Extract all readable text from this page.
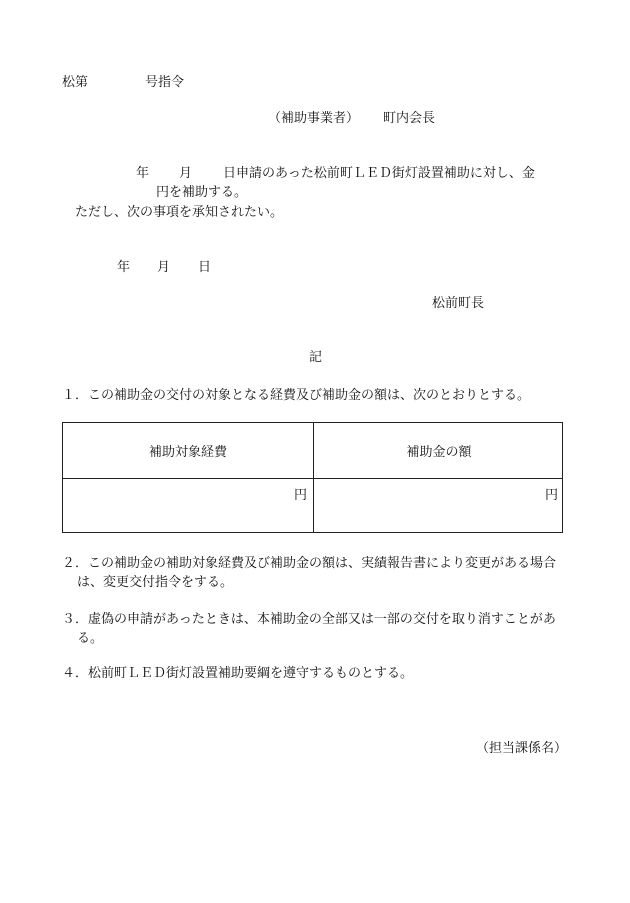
松第	号指令
（補助事業者） 町内会長
年 月 日申請のあった松前町ＬＥＤ街灯設置補助に対し、金
円を補助する。
ただし、次の事項を承知されたい。
年 月 日
松前町長
記
１．この補助金の交付の対象となる経費及び補助金の額は、次のとおりとする。
補助対象経費	補助金の額
円	円
２．この補助金の補助対象経費及び補助金の額は、実績報告書により変更がある場合
は、変更交付指令をする。
３．虚偽の申請があったときは、本補助金の全部又は一部の交付を取り消すことがあ
る。
４．松前町ＬＥＤ街灯設置補助要綱を遵守するものとする。
（担当課係名）
